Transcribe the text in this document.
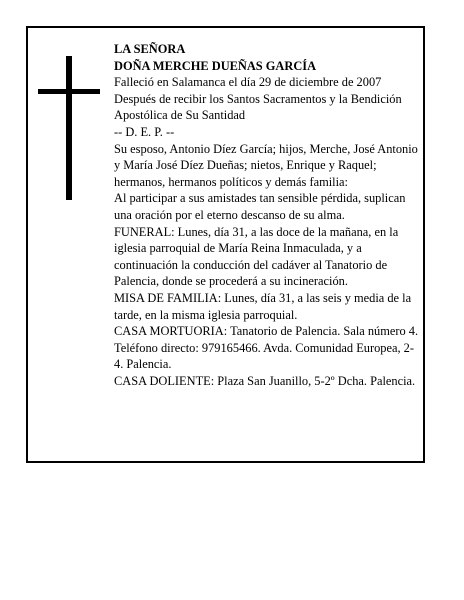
LA SEÑORA

DOÑA MERCHE DUEÑAS GARCÍA

Falleció en Salamanca el día 29 de diciembre de 2007

Después de recibir los Santos Sacramentos y la Bendición Apostólica de Su Santidad

-- D. E. P. --

Su esposo, Antonio Díez García; hijos, Merche, José Antonio y María José Díez Dueñas; nietos, Enrique y Raquel; hermanos, hermanos políticos y demás familia:

Al participar a sus amistades tan sensible pérdida, suplican una oración por el eterno descanso de su alma.

FUNERAL: Lunes, día 31, a las doce de la mañana, en la iglesia parroquial de María Reina Inmaculada, y a continuación la conducción del cadáver al Tanatorio de Palencia, donde se procederá a su incineración.

MISA DE FAMILIA: Lunes, día 31, a las seis y media de la tarde, en la misma iglesia parroquial.

CASA MORTUORIA: Tanatorio de Palencia. Sala número 4. Teléfono directo: 979165466. Avda. Comunidad Europea, 2-4. Palencia.

CASA DOLIENTE: Plaza San Juanillo, 5-2º Dcha. Palencia.
